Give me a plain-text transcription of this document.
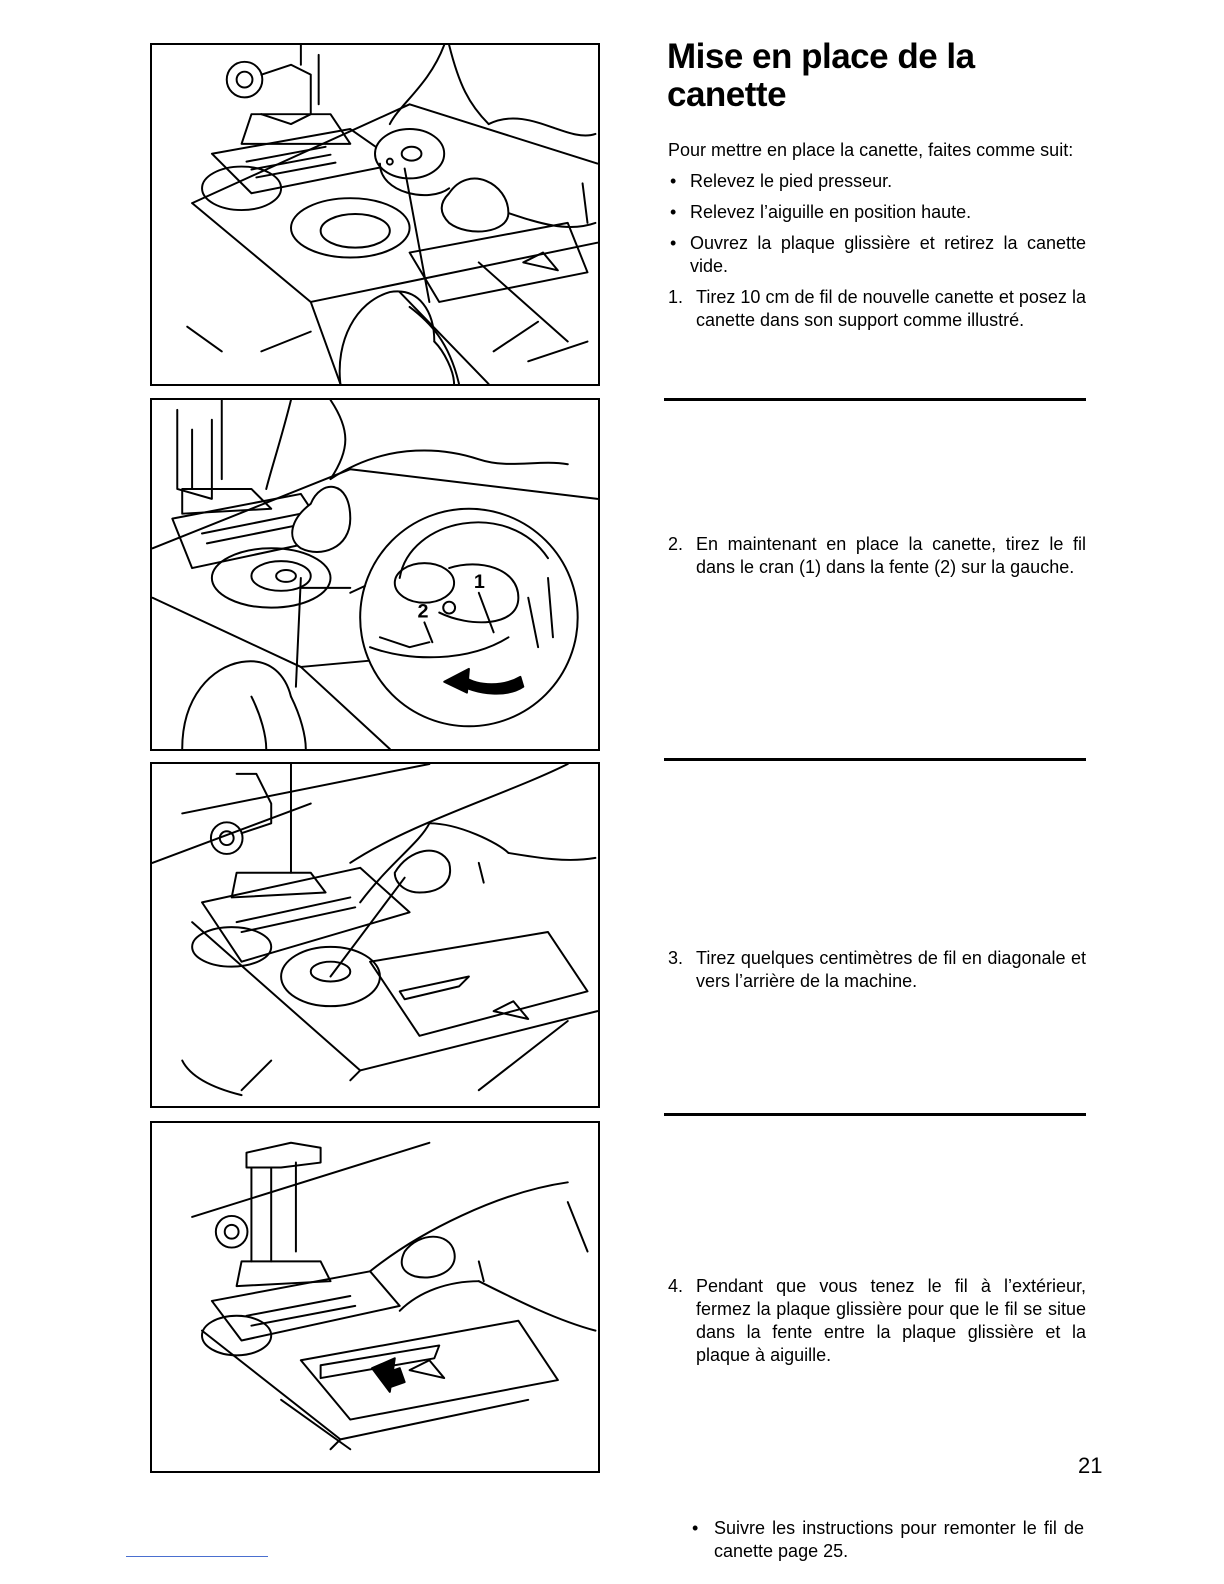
1
2
Mise en place de la canette

Pour mettre en place la canette, faites comme suit:

• Relevez le pied presseur.
• Relevez l’aiguille en position haute.
• Ouvrez la plaque glissière et retirez la canette vide.
1. Tirez 10 cm de fil de nouvelle canette et posez la canette dans son support comme illustré.
2. En maintenant en place la canette, tirez le fil dans le cran (1) dans la fente (2) sur la gauche.
3. Tirez quelques centimètres de fil en diagonale et vers l’arrière de la machine.
4. Pendant que vous tenez le fil à l’extérieur, fermez la plaque glissière pour que le fil se situe dans la fente entre la plaque glissière et la plaque à aiguille.
• Suivre les instructions pour remonter le fil de canette page 25.
21
